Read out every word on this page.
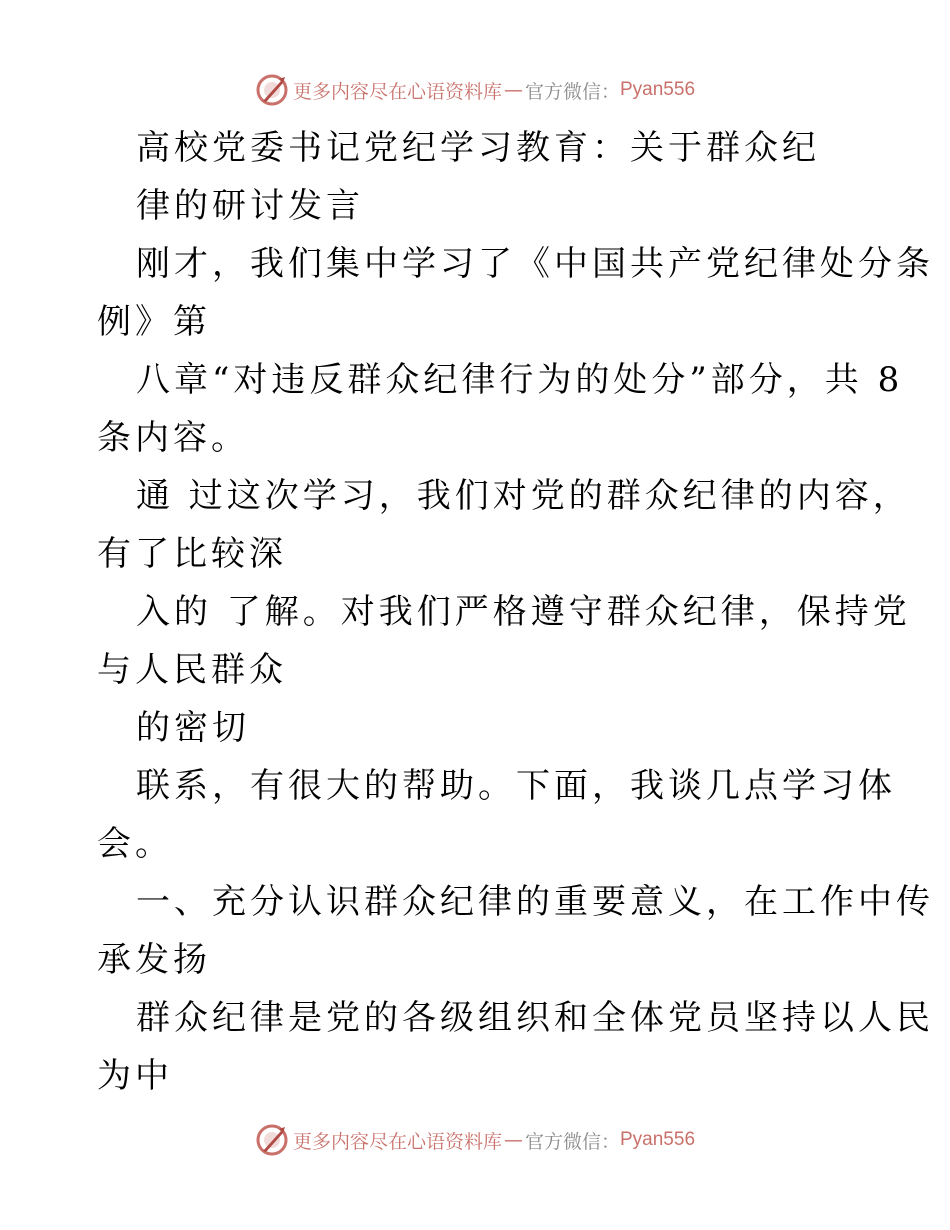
更多内容尽在心语资料库 — 官方微信： Pyan556
高校党委书记党纪学习教育：关于群众纪
律的研讨发言
刚才，我们集中学习了《中国共产党纪律处分条
例》第
八章“对违反群众纪律行为的处分”部分，共 8
条内容。
通 过这次学习，我们对党的群众纪律的内容，
有了比较深
入的 了解。对我们严格遵守群众纪律，保持党
与人民群众
的密切
联系，有很大的帮助。下面，我谈几点学习体
会。
一、充分认识群众纪律的重要意义，在工作中传
承发扬
群众纪律是党的各级组织和全体党员坚持以人民
为中
更多内容尽在心语资料库 — 官方微信： Pyan556
